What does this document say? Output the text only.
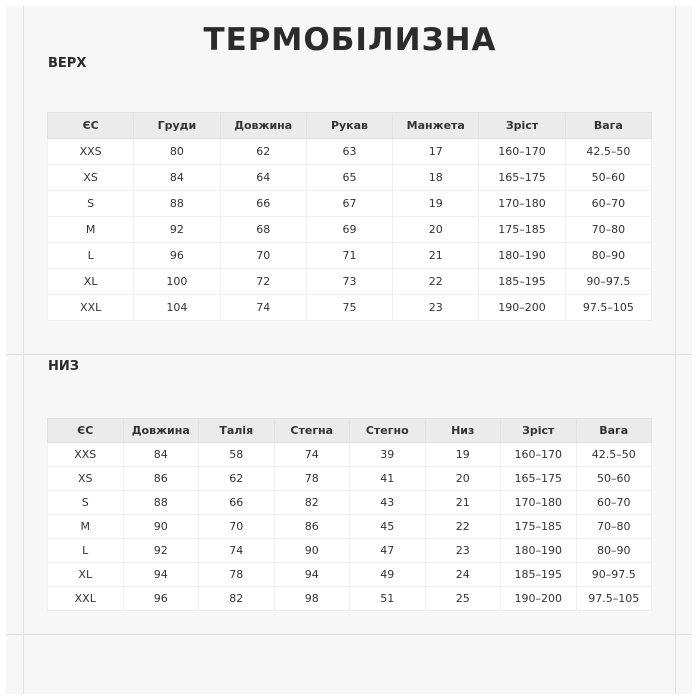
ТЕРМОБІЛИЗНА
ВЕРХ
ЄС	Груди	Довжина	Рукав	Манжета	Зріст	Вага
XXS	80	62	63	17	160–170	42.5–50
XS	84	64	65	18	165–175	50–60
S	88	66	67	19	170–180	60–70
M	92	68	69	20	175–185	70–80
L	96	70	71	21	180–190	80–90
XL	100	72	73	22	185–195	90–97.5
XXL	104	74	75	23	190–200	97.5–105
НИЗ
ЄС	Довжина	Талія	Стегна	Стегно	Низ	Зріст	Вага
XXS	84	58	74	39	19	160–170	42.5–50
XS	86	62	78	41	20	165–175	50–60
S	88	66	82	43	21	170–180	60–70
M	90	70	86	45	22	175–185	70–80
L	92	74	90	47	23	180–190	80–90
XL	94	78	94	49	24	185–195	90–97.5
XXL	96	82	98	51	25	190–200	97.5–105
